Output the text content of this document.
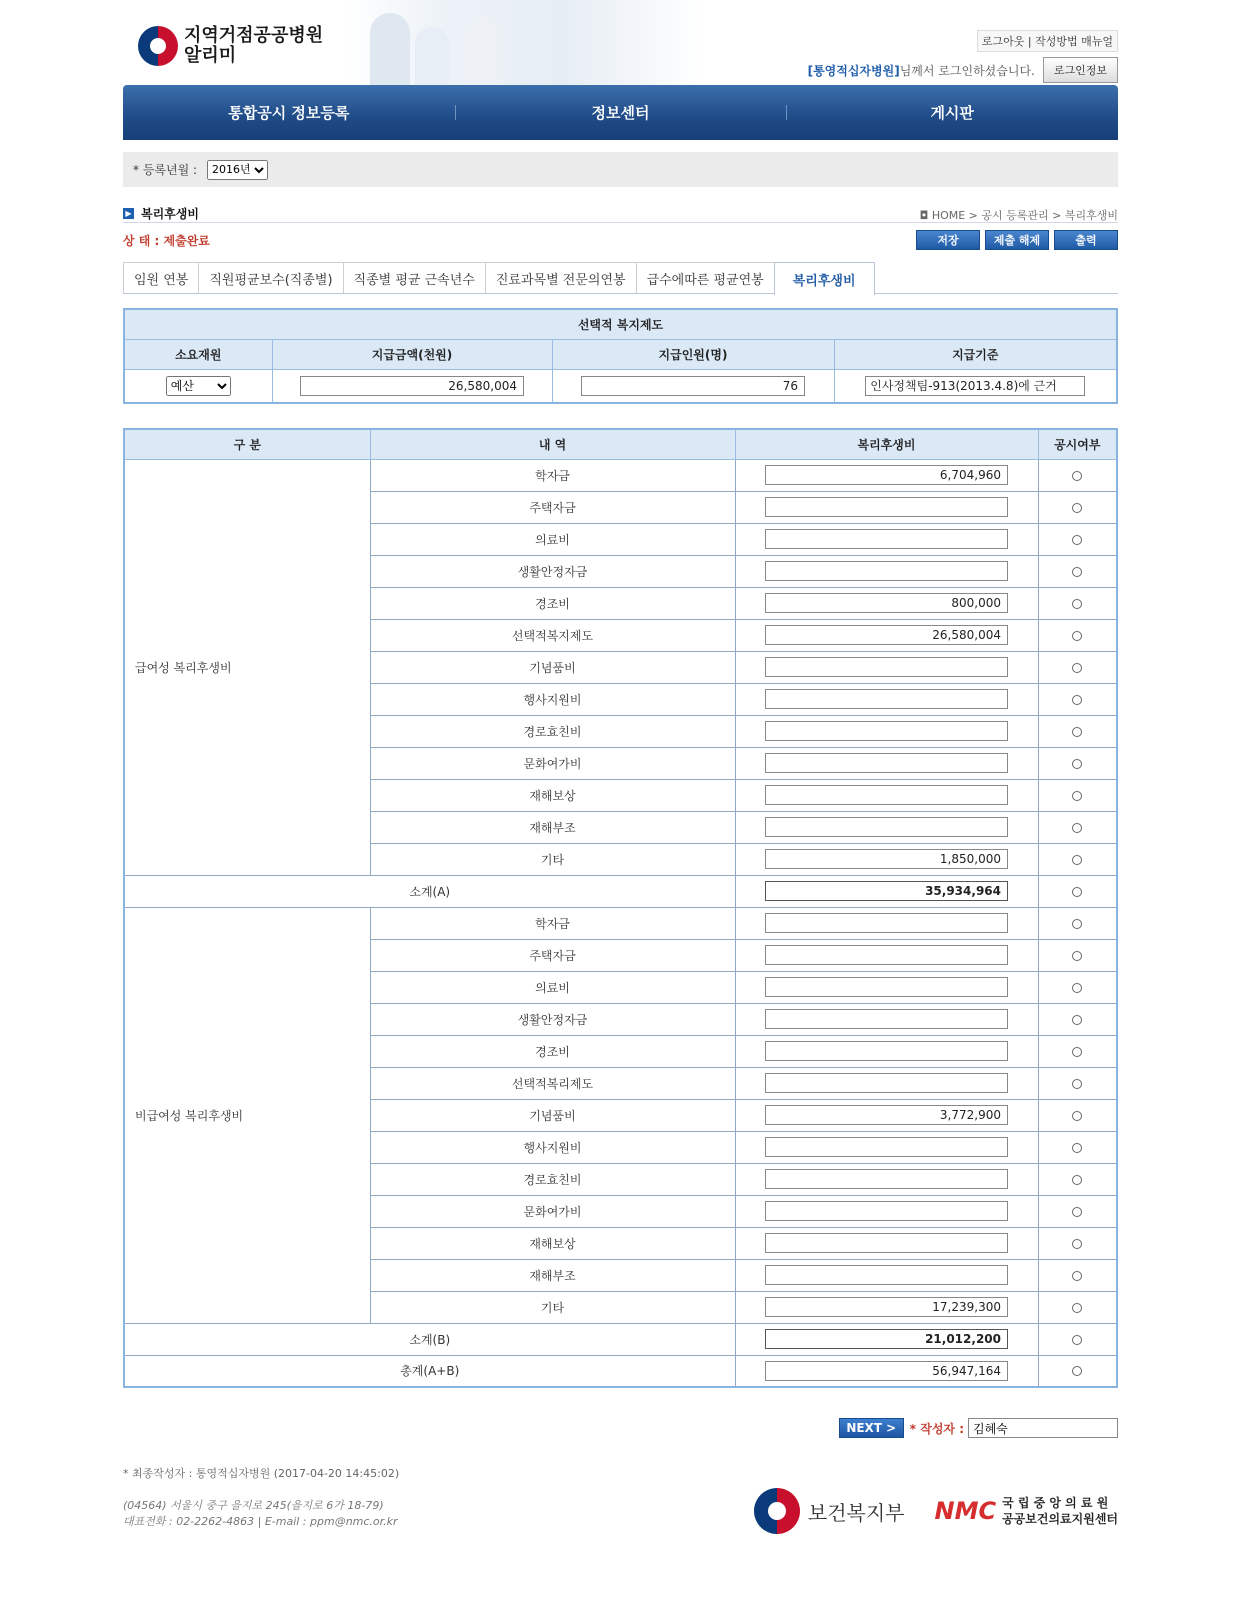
지역거점공공병원
알리미
로그아웃 | 작성방법 매뉴얼
[통영적십자병원] 님께서 로그인하셨습니다.	로그인정보
통합공시 정보등록	정보센터	게시판
* 등록년월 :
2016년
▶ 복리후생비	◘ HOME > 공시 등록관리 > 복리후생비
상 태 : 제출완료	저장	제출 해제	출력
임원 연봉	직원평균보수(직종별)	직종별 평균 근속년수	진료과목별 전문의연봉	급수에따른 평균연봉	복리후생비
선택적 복지제도			
소요재원	지급금액(천원)	지급인원(명)	지급기준

예산	26,580,004	76	인사정책팀-913(2013.4.8)에 근거
구 분	내 역	복리후생비	공시여부
급여성 복리후생비	학자금	6,704,960	
	주택자금		
	의료비		
	생활안정자금		
	경조비	800,000	
	선택적복지제도	26,580,004	
	기념품비		
	행사지원비		
	경로효친비		
	문화여가비		
	재해보상		
	재해부조		
	기타	1,850,000	
소계(A)	35,934,964	
비급여성 복리후생비	학자금		
	주택자금		
	의료비		
	생활안정자금		
	경조비		
	선택적복리제도		
	기념품비	3,772,900	
	행사지원비		
	경로효친비		
	문화여가비		
	재해보상		
	재해부조		
	기타	17,239,300	
소계(B)	21,012,200	
총계(A+B)	56,947,164	
NEXT >	* 작성자 :
김혜숙
* 최종작성자 : 통영적십자병원 (2017-04-20 14:45:02)
(04564) 서울시 중구 을지로 245(을지로 6가 18-79)
대표전화 : 02-2262-4863 | E-mail : ppm@nmc.or.kr	보건복지부 NMC 국 립 중 앙 의 료 원
공공보건의료지원센터
